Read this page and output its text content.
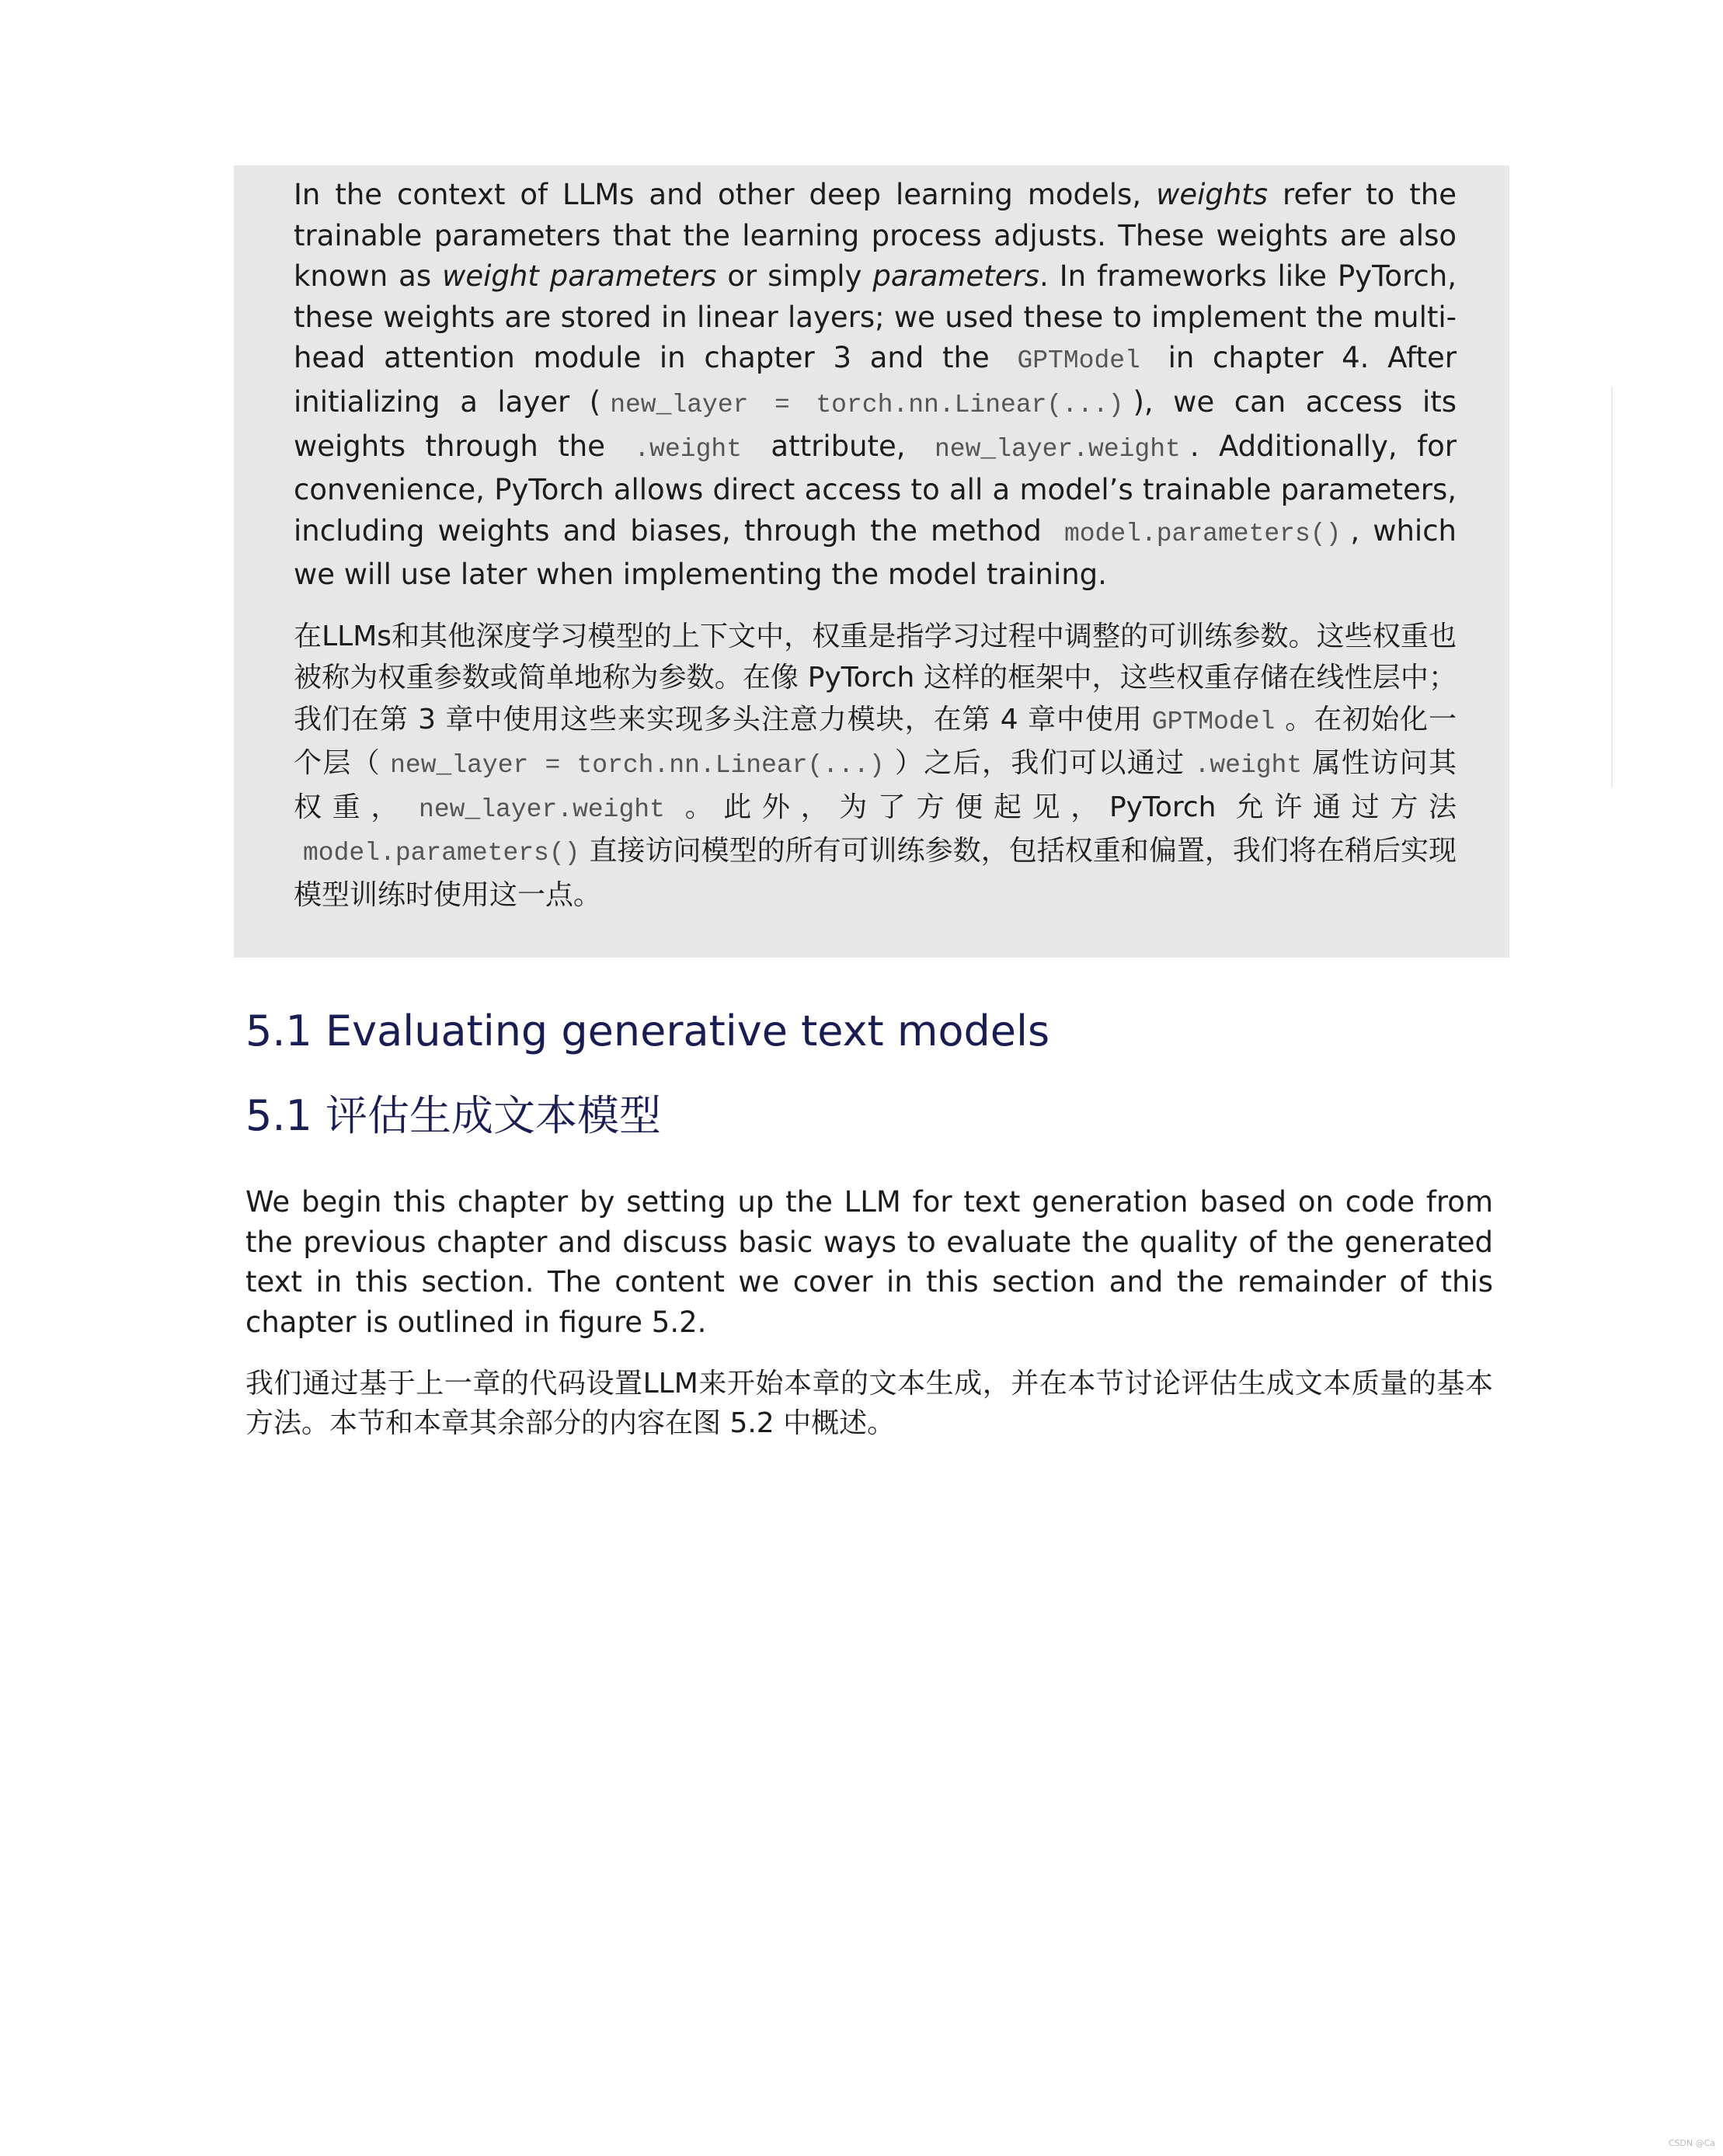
In the context of LLMs and other deep learning models, weights refer to the trainable parameters that the learning process adjusts. These weights are also known as weight parameters or simply parameters. In frameworks like PyTorch, these weights are stored in linear layers; we used these to implement the multi-head attention module in chapter 3 and the GPTModel in chapter 4. After initializing a layer ( new_layer = torch.nn.Linear(...) ), we can access its weights through the .weight attribute, new_layer.weight . Additionally, for convenience, PyTorch allows direct access to all a model’s trainable parameters, including weights and biases, through the method model.parameters() , which we will use later when implementing the model training.

在LLMs和其他深度学习模型的上下文中，权重是指学习过程中调整的可训练参数。这些权重也被称为权重参数或简单地称为参数。在像 PyTorch 这样的框架中，这些权重存储在线性层中；我们在第 3 章中使用这些来实现多头注意力模块，在第 4 章中使用 GPTModel 。在初始化一个层（ new_layer = torch.nn.Linear(...) ）之后，我们可以通过 .weight 属性访问其权重， new_layer.weight 。此外，为了方便起见，PyTorch 允许通过方法model.parameters() 直接访问模型的所有可训练参数，包括权重和偏置，我们将在稍后实现模型训练时使用这一点。

5.1 Evaluating generative text models
5.1 评估生成文本模型

We begin this chapter by setting up the LLM for text generation based on code from the previous chapter and discuss basic ways to evaluate the quality of the generated text in this section. The content we cover in this section and the remainder of this chapter is outlined in figure 5.2.

我们通过基于上一章的代码设置LLM来开始本章的文本生成，并在本节讨论评估生成文本质量的基本方法。本节和本章其余部分的内容在图 5.2 中概述。

CSDN @Ca
